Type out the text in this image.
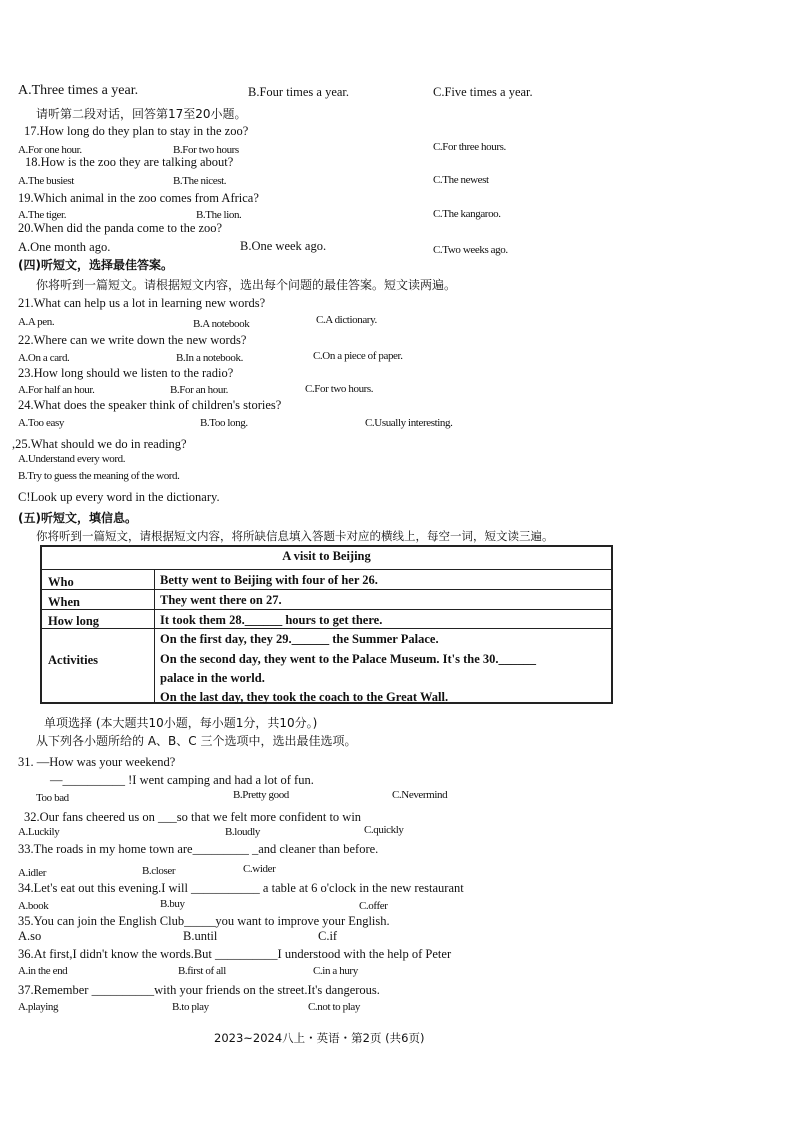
A.Three times a year.	B.Four times a year.	C.Five times a year.
请听第二段对话，回答第17至20小题。
17.How long do they plan to stay in the zoo?
A.For one hour.	B.For two hours	C.For three hours.
18.How is the zoo they are talking about?
A.The busiest	B.The nicest.	C.The newest
19.Which animal in the zoo comes from Africa?
A.The tiger.	B.The lion.	C.The kangaroo.
20.When did the panda come to the zoo?
A.One month ago.	B.One week ago.	C.Two weeks ago.
(四)听短文，选择最佳答案。
你将听到一篇短文。请根据短文内容，选出每个问题的最佳答案。短文读两遍。
21.What can help us a lot in learning new words?
A.A pen.	B.A notebook	C.A dictionary.
22.Where can we write down the new words?
A.On a card.	B.In a notebook.	C.On a piece of paper.
23.How long should we listen to the radio?
A.For half an hour.	B.For an hour.	C.For two hours.
24.What does the speaker think of children's stories?
A.Too easy	B.Too long.	C.Usually interesting.
,25.What should we do in reading?
A.Understand every word.
B.Try to guess the meaning of the word.
C!Look up every word in the dictionary.
(五)听短文，填信息。
你将听到一篇短文，请根据短文内容，将所缺信息填入答题卡对应的横线上，每空一词，短文读三遍。
A visit to Beijing
Who	Betty went to Beijing with four of her 26.
When	They went there on 27.
How long	It took them 28.______ hours to get there.
Activities
On the first day, they 29.______ the Summer Palace.
On the second day, they went to the Palace Museum. It's the 30.______
palace in the world.
On the last day, they took the coach to the Great Wall.
单项选择 (本大题共10小题，每小题1分，共10分。)
从下列各小题所给的 A、B、C 三个选项中，选出最佳选项。
31. —How was your weekend?
—__________ !I went camping and had a lot of fun.
Too bad	B.Pretty good	C.Nevermind
32.Our fans cheered us on ___so that we felt more confident to win
A.Luckily	B.loudly	C.quickly
33.The roads in my home town are_________ _and cleaner than before.
A.idler	B.closer	C.wider
34.Let's eat out this evening.I will ___________ a table at 6 o'clock in the new restaurant
A.book	B.buy	C.offer
35.You can join the English Club_____you want to improve your English.
A.so	B.until	C.if
36.At first,I didn't know the words.But __________I understood with the help of Peter
A.in the end	B.first of all	C.in a hury
37.Remember __________with your friends on the street.It's dangerous.
A.playing	B.to play	C.not to play
2023~2024八上・英语・第2页 (共6页)
